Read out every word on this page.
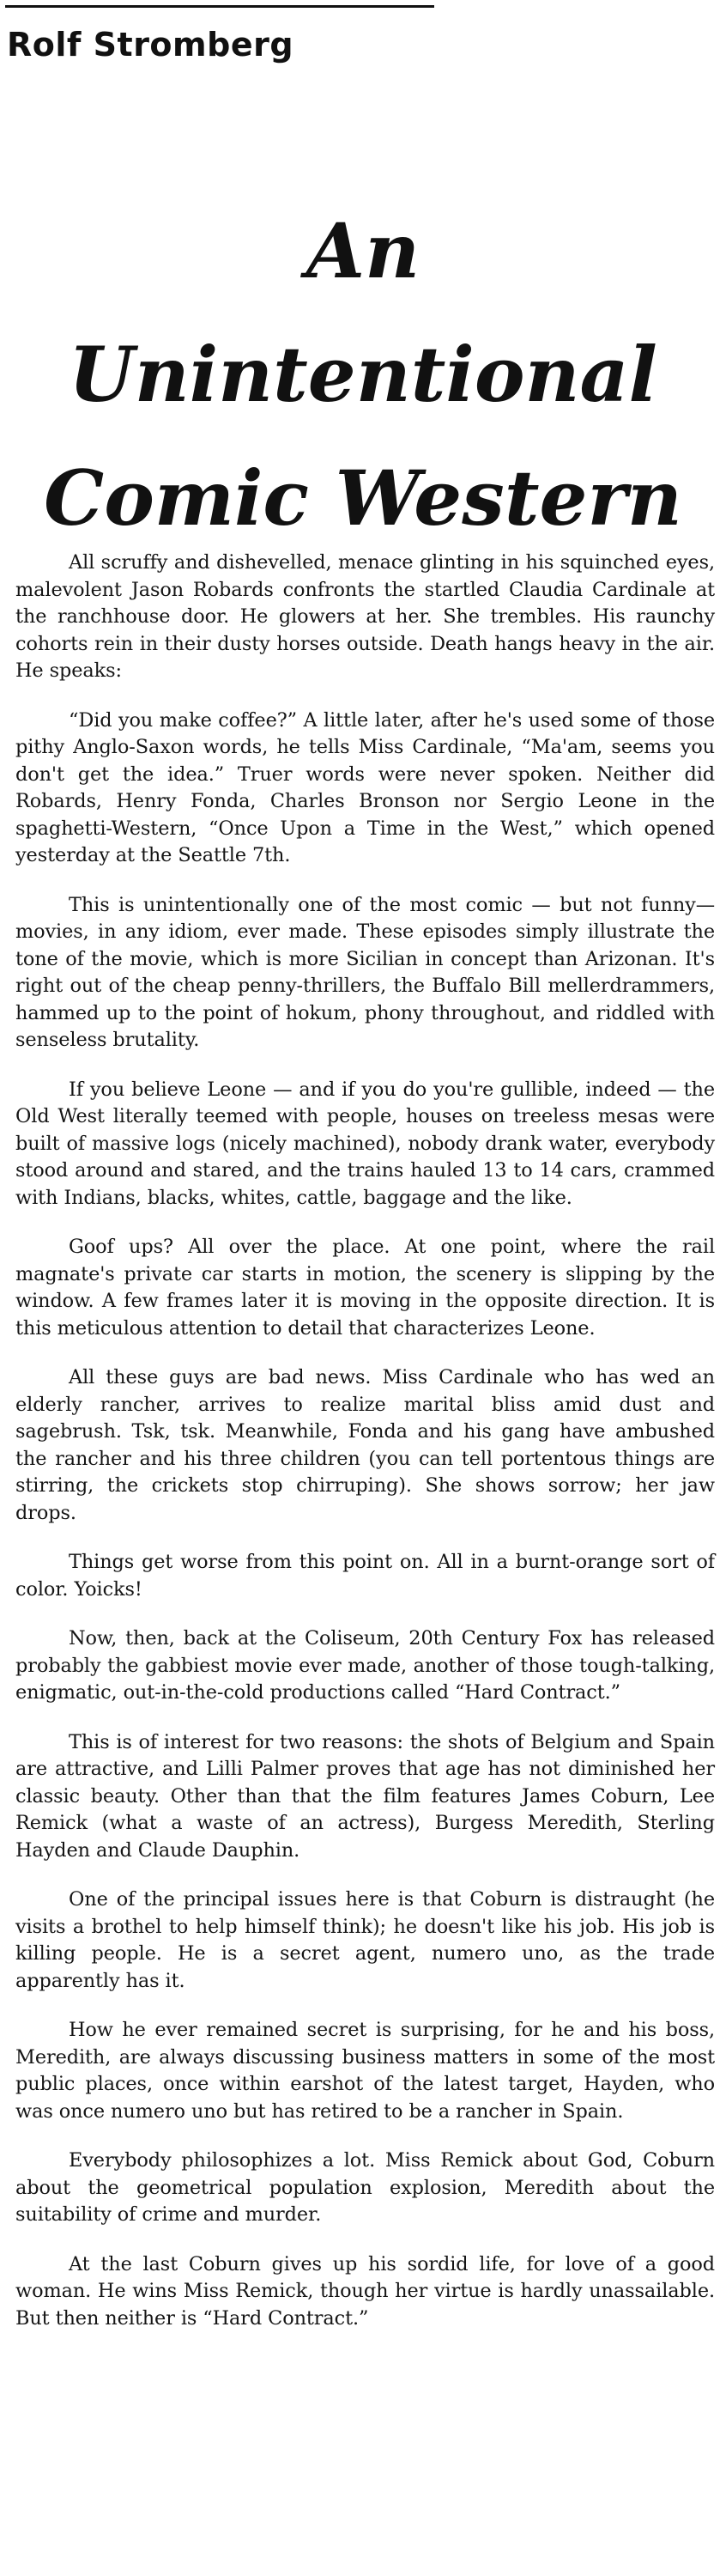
Rolf Stromberg
An Unintentional
Comic Western

All scruffy and dishevelled, menace glinting in his squinched eyes, malevolent Jason Robards confronts the startled Claudia Cardinale at the ranchhouse door. He glowers at her. She trembles. His raunchy cohorts rein in their dusty horses outside. Death hangs heavy in the air. He speaks:

“Did you make coffee?” A little later, after he's used some of those pithy Anglo-Saxon words, he tells Miss Cardinale, “Ma'am, seems you don't get the idea.” Truer words were never spoken. Neither did Robards, Henry Fonda, Charles Bronson nor Sergio Leone in the spaghetti-Western, “Once Upon a Time in the West,” which opened yesterday at the Seattle 7th.

This is unintentionally one of the most comic — but not funny—movies, in any idiom, ever made. These episodes simply illustrate the tone of the movie, which is more Sicilian in concept than Arizonan. It's right out of the cheap penny-thrillers, the Buffalo Bill mellerdrammers, hammed up to the point of hokum, phony throughout, and riddled with senseless brutality.

If you believe Leone — and if you do you're gullible, indeed — the Old West literally teemed with people, houses on treeless mesas were built of massive logs (nicely machined), nobody drank water, everybody stood around and stared, and the trains hauled 13 to 14 cars, crammed with Indians, blacks, whites, cattle, baggage and the like.

Goof ups? All over the place. At one point, where the rail magnate's private car starts in motion, the scenery is slipping by the window. A few frames later it is moving in the opposite direction. It is this meticulous attention to detail that characterizes Leone.

All these guys are bad news. Miss Cardinale who has wed an elderly rancher, arrives to realize marital bliss amid dust and sagebrush. Tsk, tsk. Meanwhile, Fonda and his gang have ambushed the rancher and his three children (you can tell portentous things are stirring, the crickets stop chirruping). She shows sorrow; her jaw drops.

Things get worse from this point on. All in a burnt-orange sort of color. Yoicks!

Now, then, back at the Coliseum, 20th Century Fox has released probably the gabbiest movie ever made, another of those tough-talking, enigmatic, out-in-the-cold productions called “Hard Contract.”

This is of interest for two reasons: the shots of Belgium and Spain are attractive, and Lilli Palmer proves that age has not diminished her classic beauty. Other than that the film features James Coburn, Lee Remick (what a waste of an actress), Burgess Meredith, Sterling Hayden and Claude Dauphin.

One of the principal issues here is that Coburn is distraught (he visits a brothel to help himself think); he doesn't like his job. His job is killing people. He is a secret agent, numero uno, as the trade apparently has it.

How he ever remained secret is surprising, for he and his boss, Meredith, are always discussing business matters in some of the most public places, once within earshot of the latest target, Hayden, who was once numero uno but has retired to be a rancher in Spain.

Everybody philosophizes a lot. Miss Remick about God, Coburn about the geometrical population explosion, Meredith about the suitability of crime and murder.

At the last Coburn gives up his sordid life, for love of a good woman. He wins Miss Remick, though her virtue is hardly unassailable. But then neither is “Hard Contract.”
